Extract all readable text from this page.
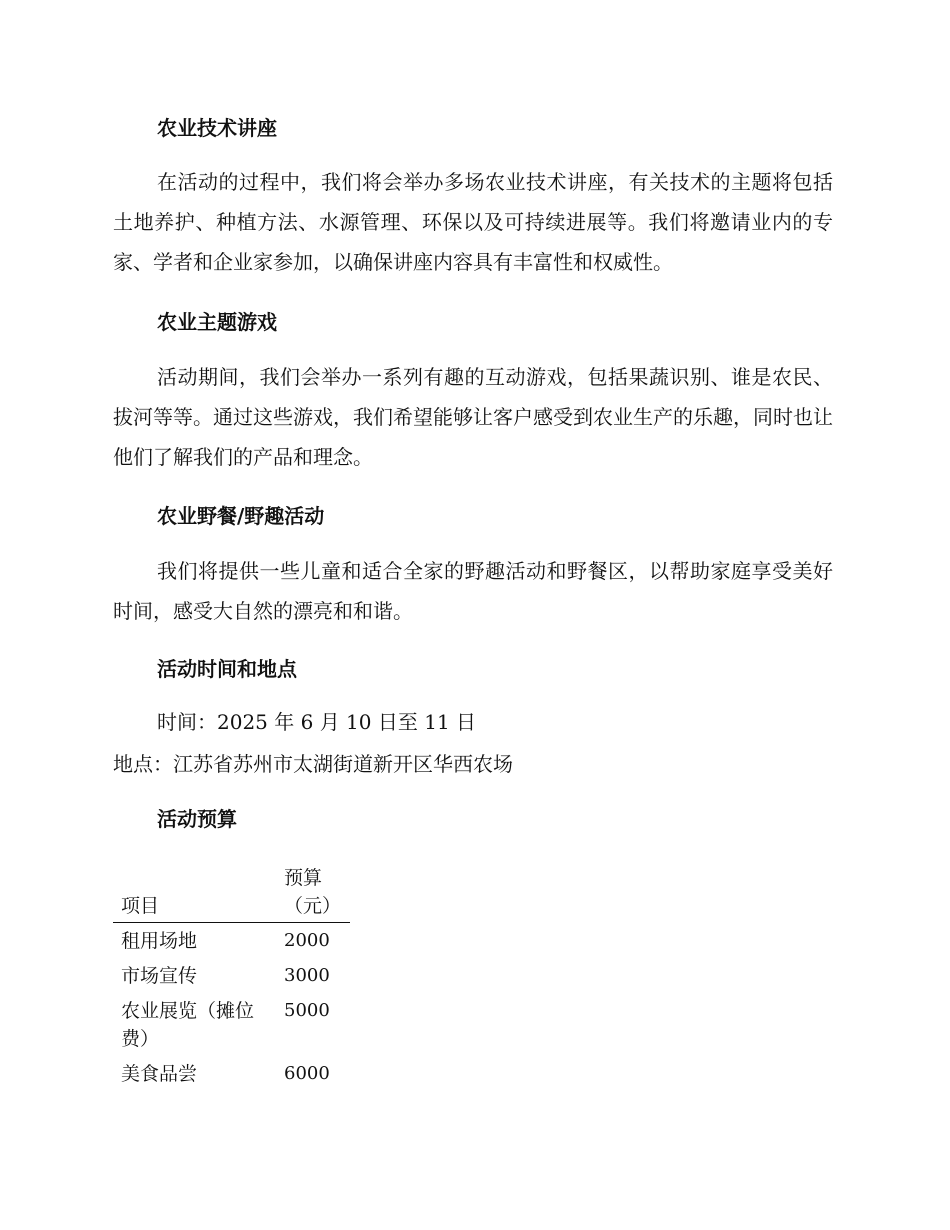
农业技术讲座

在活动的过程中，我们将会举办多场农业技术讲座，有关技术的主题将包括土地养护、种植方法、水源管理、环保以及可持续进展等。我们将邀请业内的专家、学者和企业家参加，以确保讲座内容具有丰富性和权威性。

农业主题游戏

活动期间，我们会举办一系列有趣的互动游戏，包括果蔬识别、谁是农民、拔河等等。通过这些游戏，我们希望能够让客户感受到农业生产的乐趣，同时也让他们了解我们的产品和理念。

农业野餐/野趣活动

我们将提供一些儿童和适合全家的野趣活动和野餐区，以帮助家庭享受美好时间，感受大自然的漂亮和和谐。

活动时间和地点

时间：2025 年 6 月 10 日至 11 日

地点：江苏省苏州市太湖街道新开区华西农场

活动预算
项目	预算（元）
租用场地	2000
市场宣传	3000
农业展览（摊位费）	5000
美食品尝	6000
